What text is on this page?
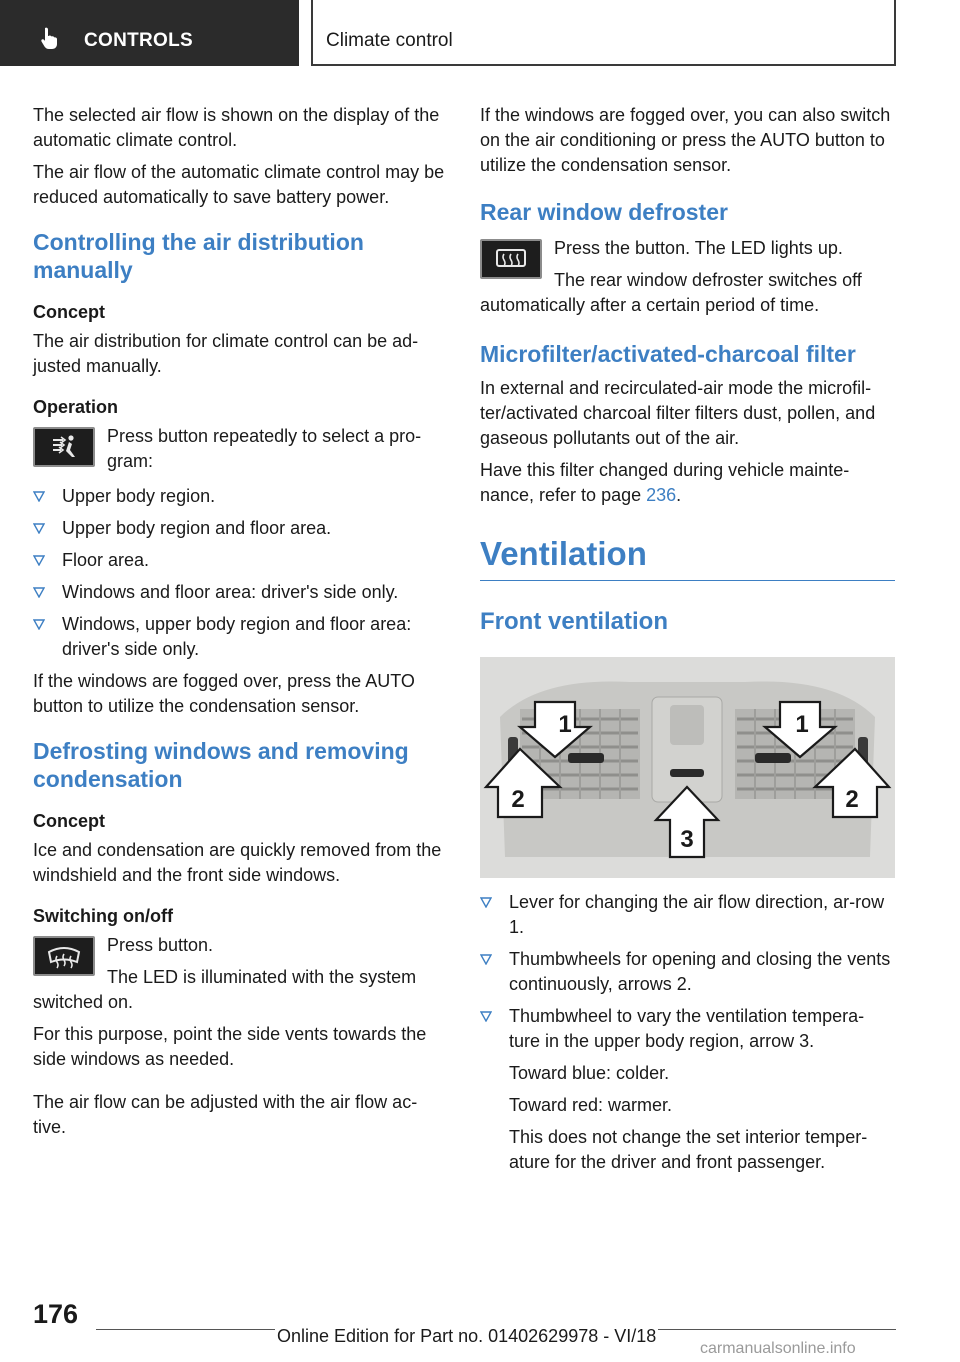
CONTROLS	Climate control

The selected air flow is shown on the display of the automatic climate control.

The air flow of the automatic climate control may be reduced automatically to save battery power.

Controlling the air distribution manually
Concept

The air distribution for climate control can be ad‐justed manually.

Operation

Press button repeatedly to select a pro‐gram:

Upper body region.
Upper body region and floor area.
Floor area.
Windows and floor area: driver's side only.
Windows, upper body region and floor area: driver's side only.

If the windows are fogged over, press the AUTO button to utilize the condensation sensor.

Defrosting windows and removing condensation
Concept

Ice and condensation are quickly removed from the windshield and the front side windows.

Switching on/off

Press button.

The LED is illuminated with the system switched on.

For this purpose, point the side vents towards the side windows as needed.

The air flow can be adjusted with the air flow ac‐tive.

If the windows are fogged over, you can also switch on the air conditioning or press the AUTO button to utilize the condensation sensor.

Rear window defroster

Press the button. The LED lights up.

The rear window defroster switches off automatically after a certain period of time.

Microfilter/activated-charcoal filter

In external and recirculated-air mode the microfil‐ter/activated charcoal filter filters dust, pollen, and gaseous pollutants out of the air.

Have this filter changed during vehicle mainte‐nance, refer to page 236.

Ventilation
Front ventilation
1	1
2	2
3
Lever for changing the air flow direction, ar‐row 1.
Thumbwheels for opening and closing the vents continuously, arrows 2.
Thumbwheel to vary the ventilation tempera‐ture in the upper body region, arrow 3.
Toward blue: colder.
Toward red: warmer.
This does not change the set interior temper‐ature for the driver and front passenger.
176
Online Edition for Part no. 01402629978 - VI/18
carmanualsonline.info
